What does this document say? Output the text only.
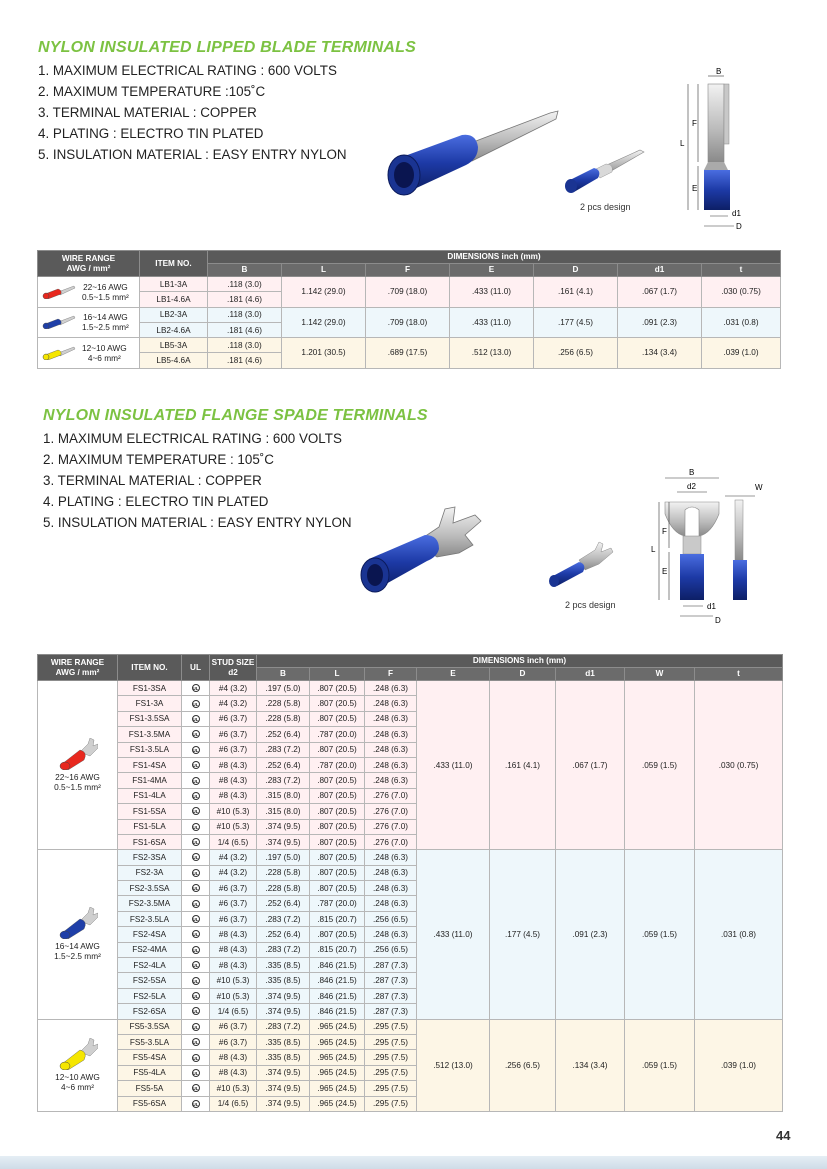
NYLON INSULATED LIPPED BLADE TERMINALS
1. MAXIMUM ELECTRICAL RATING : 600 VOLTS
2. MAXIMUM TEMPERATURE :105˚C
3. TERMINAL MATERIAL : COPPER
4. PLATING : ELECTRO TIN PLATED
5. INSULATION MATERIAL : EASY ENTRY NYLON
2 pcs design
B
F
L
E
d1
D
WIRE RANGE
AWG / mm²	ITEM NO.	DIMENSIONS inch (mm)						
		B	L	F	E	D	d1	t

22~16 AWG
0.5~1.5 mm²	LB1-3A	.118 (3.0)	1.142 (29.0)	.709 (18.0)	.433 (11.0)	.161 (4.1)	.067 (1.7)	.030 (0.75)
	LB1-4.6A	.181 (4.6)						

16~14 AWG
1.5~2.5 mm²	LB2-3A	.118 (3.0)	1.142 (29.0)	.709 (18.0)	.433 (11.0)	.177 (4.5)	.091 (2.3)	.031 (0.8)
	LB2-4.6A	.181 (4.6)						

12~10 AWG
4~6 mm²	LB5-3A	.118 (3.0)	1.201 (30.5)	.689 (17.5)	.512 (13.0)	.256 (6.5)	.134 (3.4)	.039 (1.0)
	LB5-4.6A	.181 (4.6)						
NYLON INSULATED FLANGE SPADE TERMINALS
1. MAXIMUM ELECTRICAL RATING : 600 VOLTS
2. MAXIMUM TEMPERATURE : 105˚C
3. TERMINAL MATERIAL : COPPER
4. PLATING : ELECTRO TIN PLATED
5. INSULATION MATERIAL : EASY ENTRY NYLON
2 pcs design
B
d2	W
F
L
E
d1
D
WIRE RANGE
AWG / mm²	ITEM NO.	UL	STUD SIZE
d2	DIMENSIONS inch (mm)							
				B	L	F	E	D	d1	W	t

22~16 AWG
0.5~1.5 mm²	FS1-3SA	UL	#4 (3.2)	.197 (5.0)	.807 (20.5)	.248 (6.3)	.433 (11.0)	.161 (4.1)	.067 (1.7)	.059 (1.5)	.030 (0.75)
	FS1-3A	UL	#4 (3.2)	.228 (5.8)	.807 (20.5)	.248 (6.3)					
	FS1-3.5SA	UL	#6 (3.7)	.228 (5.8)	.807 (20.5)	.248 (6.3)					
	FS1-3.5MA	UL	#6 (3.7)	.252 (6.4)	.787 (20.0)	.248 (6.3)					
	FS1-3.5LA	UL	#6 (3.7)	.283 (7.2)	.807 (20.5)	.248 (6.3)					
	FS1-4SA	UL	#8 (4.3)	.252 (6.4)	.787 (20.0)	.248 (6.3)					
	FS1-4MA	UL	#8 (4.3)	.283 (7.2)	.807 (20.5)	.248 (6.3)					
	FS1-4LA	UL	#8 (4.3)	.315 (8.0)	.807 (20.5)	.276 (7.0)					
	FS1-5SA	UL	#10 (5.3)	.315 (8.0)	.807 (20.5)	.276 (7.0)					
	FS1-5LA	UL	#10 (5.3)	.374 (9.5)	.807 (20.5)	.276 (7.0)					
	FS1-6SA	UL	1/4 (6.5)	.374 (9.5)	.807 (20.5)	.276 (7.0)					

16~14 AWG
1.5~2.5 mm²	FS2-3SA	UL	#4 (3.2)	.197 (5.0)	.807 (20.5)	.248 (6.3)	.433 (11.0)	.177 (4.5)	.091 (2.3)	.059 (1.5)	.031 (0.8)
	FS2-3A	UL	#4 (3.2)	.228 (5.8)	.807 (20.5)	.248 (6.3)					
	FS2-3.5SA	UL	#6 (3.7)	.228 (5.8)	.807 (20.5)	.248 (6.3)					
	FS2-3.5MA	UL	#6 (3.7)	.252 (6.4)	.787 (20.0)	.248 (6.3)					
	FS2-3.5LA	UL	#6 (3.7)	.283 (7.2)	.815 (20.7)	.256 (6.5)					
	FS2-4SA	UL	#8 (4.3)	.252 (6.4)	.807 (20.5)	.248 (6.3)					
	FS2-4MA	UL	#8 (4.3)	.283 (7.2)	.815 (20.7)	.256 (6.5)					
	FS2-4LA	UL	#8 (4.3)	.335 (8.5)	.846 (21.5)	.287 (7.3)					
	FS2-5SA	UL	#10 (5.3)	.335 (8.5)	.846 (21.5)	.287 (7.3)					
	FS2-5LA	UL	#10 (5.3)	.374 (9.5)	.846 (21.5)	.287 (7.3)					
	FS2-6SA	UL	1/4 (6.5)	.374 (9.5)	.846 (21.5)	.287 (7.3)					

12~10 AWG
4~6 mm²	FS5-3.5SA	UL	#6 (3.7)	.283 (7.2)	.965 (24.5)	.295 (7.5)	.512 (13.0)	.256 (6.5)	.134 (3.4)	.059 (1.5)	.039 (1.0)
	FS5-3.5LA	UL	#6 (3.7)	.335 (8.5)	.965 (24.5)	.295 (7.5)					
	FS5-4SA	UL	#8 (4.3)	.335 (8.5)	.965 (24.5)	.295 (7.5)					
	FS5-4LA	UL	#8 (4.3)	.374 (9.5)	.965 (24.5)	.295 (7.5)					
	FS5-5A	UL	#10 (5.3)	.374 (9.5)	.965 (24.5)	.295 (7.5)					
	FS5-6SA	UL	1/4 (6.5)	.374 (9.5)	.965 (24.5)	.295 (7.5)					
44
